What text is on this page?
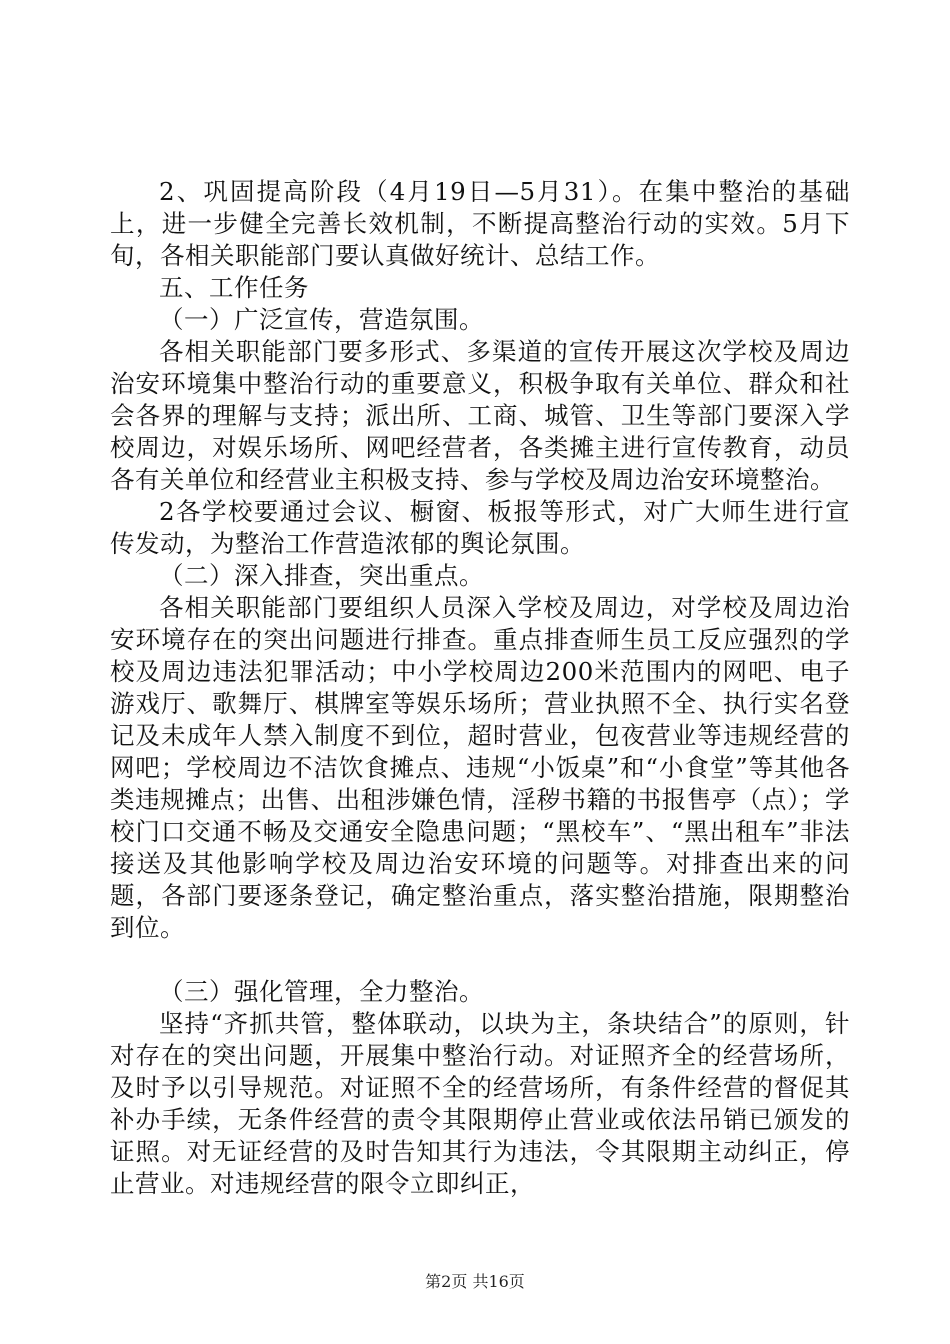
2、巩固提高阶段（4月19日—5月31）。在集中整治的基础上，进一步健全完善长效机制，不断提高整治行动的实效。5月下旬，各相关职能部门要认真做好统计、总结工作。

五、工作任务

（一）广泛宣传，营造氛围。

各相关职能部门要多形式、多渠道的宣传开展这次学校及周边治安环境集中整治行动的重要意义，积极争取有关单位、群众和社会各界的理解与支持；派出所、工商、城管、卫生等部门要深入学校周边，对娱乐场所、网吧经营者，各类摊主进行宣传教育，动员各有关单位和经营业主积极支持、参与学校及周边治安环境整治。

2各学校要通过会议、橱窗、板报等形式，对广大师生进行宣传发动，为整治工作营造浓郁的舆论氛围。

（二）深入排查，突出重点。

各相关职能部门要组织人员深入学校及周边，对学校及周边治安环境存在的突出问题进行排查。重点排查师生员工反应强烈的学校及周边违法犯罪活动；中小学校周边200米范围内的网吧、电子游戏厅、歌舞厅、棋牌室等娱乐场所；营业执照不全、执行实名登记及未成年人禁入制度不到位，超时营业，包夜营业等违规经营的网吧；学校周边不洁饮食摊点、违规“小饭桌”和“小食堂”等其他各类违规摊点；出售、出租涉嫌色情，淫秽书籍的书报售亭（点）；学校门口交通不畅及交通安全隐患问题；“黑校车”、“黑出租车”非法接送及其他影响学校及周边治安环境的问题等。对排查出来的问题，各部门要逐条登记，确定整治重点，落实整治措施，限期整治到位。

（三）强化管理，全力整治。

坚持“齐抓共管，整体联动，以块为主，条块结合”的原则，针对存在的突出问题，开展集中整治行动。对证照齐全的经营场所，及时予以引导规范。对证照不全的经营场所，有条件经营的督促其补办手续，无条件经营的责令其限期停止营业或依法吊销已颁发的证照。对无证经营的及时告知其行为违法，令其限期主动纠正，停止营业。对违规经营的限令立即纠正，

第2页 共16页
